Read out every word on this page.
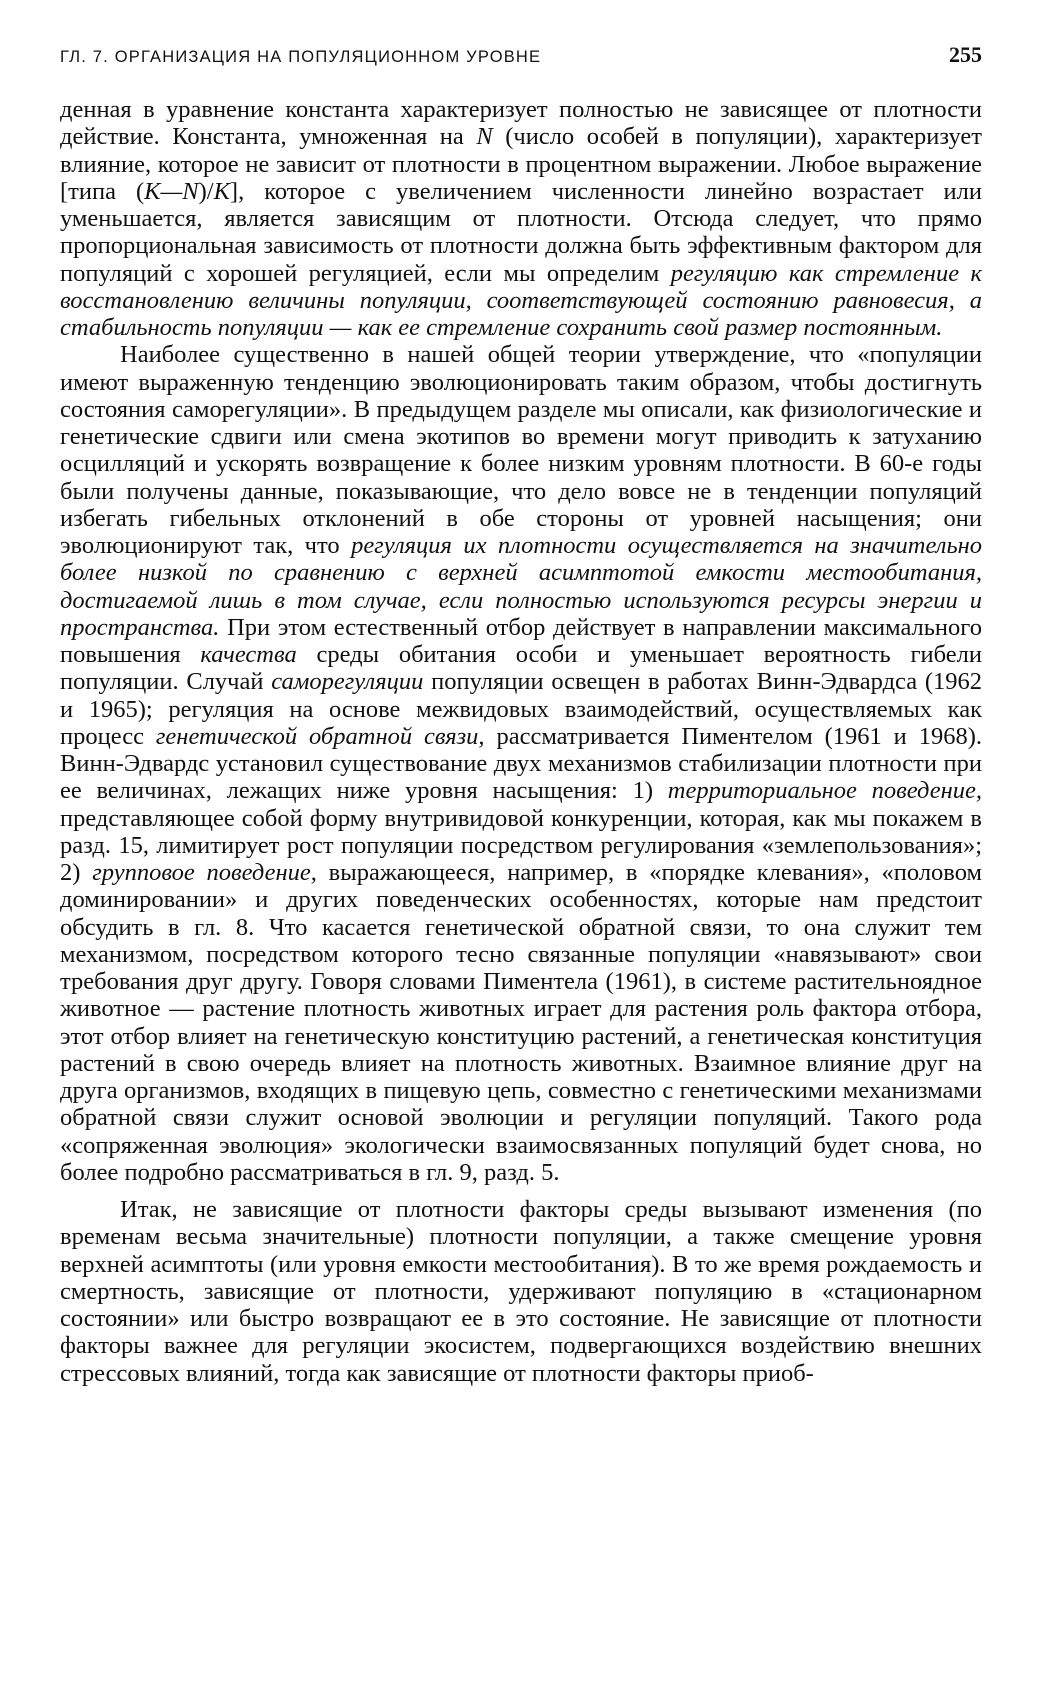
ГЛ. 7. ОРГАНИЗАЦИЯ НА ПОПУЛЯЦИОННОМ УРОВНЕ	255

денная в уравнение константа характеризует полностью не зависящее от плотности действие. Константа, умноженная на N (число особей в популяции), характеризует влияние, которое не зависит от плотности в процентном выражении. Любое выражение [типа (K—N)/K], которое с увеличением численности линейно возрастает или уменьшается, является зависящим от плотности. Отсюда следует, что прямо пропорциональная зависимость от плотности должна быть эффективным фактором для популяций с хорошей регуляцией, если мы определим регуляцию как стремление к восстановлению величины популяции, соответствующей состоянию равновесия, а стабильность популяции — как ее стремление сохранить свой размер постоянным.

Наиболее существенно в нашей общей теории утверждение, что «популяции имеют выраженную тенденцию эволюционировать таким образом, чтобы достигнуть состояния саморегуляции». В предыдущем разделе мы описали, как физиологические и генетические сдвиги или смена экотипов во времени могут приводить к затуханию осцилляций и ускорять возвращение к более низким уровням плотности. В 60-е годы были получены данные, показывающие, что дело вовсе не в тенденции популяций избегать гибельных отклонений в обе стороны от уровней насыщения; они эволюционируют так, что регуляция их плотности осуществляется на значительно более низкой по сравнению с верхней асимптотой емкости местообитания, достигаемой лишь в том случае, если полностью используются ресурсы энергии и пространства. При этом естественный отбор действует в направлении максимального повышения качества среды обитания особи и уменьшает вероятность гибели популяции. Случай саморегуляции популяции освещен в работах Винн-Эдвардса (1962 и 1965); регуляция на основе межвидовых взаимодействий, осуществляемых как процесс генетической обратной связи, рассматривается Пиментелом (1961 и 1968). Винн-Эдвардс установил существование двух механизмов стабилизации плотности при ее величинах, лежащих ниже уровня насыщения: 1) территориальное поведение, представляющее собой форму внутривидовой конкуренции, которая, как мы покажем в разд. 15, лимитирует рост популяции посредством регулирования «землепользования»; 2) групповое поведение, выражающееся, например, в «порядке клевания», «половом доминировании» и других поведенческих особенностях, которые нам предстоит обсудить в гл. 8. Что касается генетической обратной связи, то она служит тем механизмом, посредством которого тесно связанные популяции «навязывают» свои требования друг другу. Говоря словами Пиментела (1961), в системе растительноядное животное — растение плотность животных играет для растения роль фактора отбора, этот отбор влияет на генетическую конституцию растений, а генетическая конституция растений в свою очередь влияет на плотность животных. Взаимное влияние друг на друга организмов, входящих в пищевую цепь, совместно с генетическими механизмами обратной связи служит основой эволюции и регуляции популяций. Такого рода «сопряженная эволюция» экологически взаимосвязанных популяций будет снова, но более подробно рассматриваться в гл. 9, разд. 5.

Итак, не зависящие от плотности факторы среды вызывают изменения (по временам весьма значительные) плотности популяции, а также смещение уровня верхней асимптоты (или уровня емкости местообитания). В то же время рождаемость и смертность, зависящие от плотности, удерживают популяцию в «стационарном состоянии» или быстро возвращают ее в это состояние. Не зависящие от плотности факторы важнее для регуляции экосистем, подвергающихся воздействию внешних стрессовых влияний, тогда как зависящие от плотности факторы приоб-
